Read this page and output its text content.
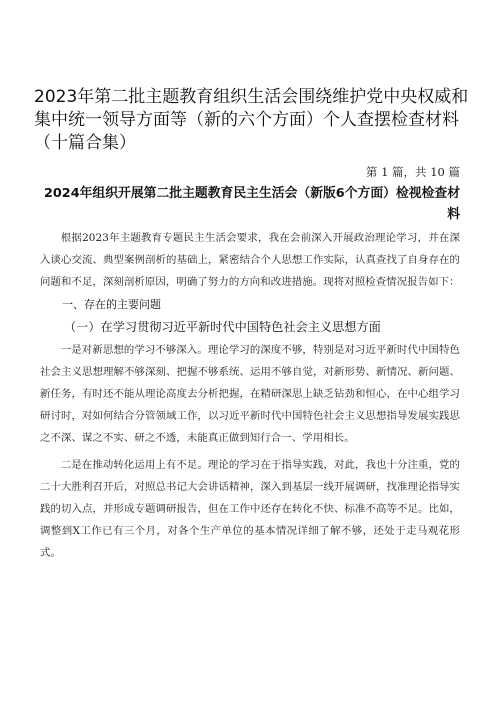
2023年第二批主题教育组织生活会围绕维护党中央权威和集中统一领导方面等（新的六个方面）个人查摆检查材料（十篇合集）
第 1 篇，共 10 篇
2024年组织开展第二批主题教育民主生活会（新版6个方面）检视检查材料

根据2023年主题教育专题民主生活会要求，我在会前深入开展政治理论学习，并在深入谈心交流、典型案例剖析的基础上，紧密结合个人思想工作实际，认真查找了自身存在的问题和不足，深刻剖析原因，明确了努力的方向和改进措施。现将对照检查情况报告如下：

一、存在的主要问题

（一）在学习贯彻习近平新时代中国特色社会主义思想方面

一是对新思想的学习不够深入。理论学习的深度不够，特别是对习近平新时代中国特色社会主义思想理解不够深刻、把握不够系统、运用不够自觉，对新形势、新情况、新问题、新任务，有时还不能从理论高度去分析把握，在精研深思上缺乏钻劲和恒心，在中心组学习研讨时，对如何结合分管领域工作，以习近平新时代中国特色社会主义思想指导发展实践思之不深、谋之不实、研之不透，未能真正做到知行合一、学用相长。

二是在推动转化运用上有不足。理论的学习在于指导实践，对此，我也十分注重，党的二十大胜利召开后，对照总书记大会讲话精神，深入到基层一线开展调研，找准理论指导实践的切入点，并形成专题调研报告，但在工作中还存在转化不快、标准不高等不足。比如，调整到X工作已有三个月，对各个生产单位的基本情况详细了解不够，还处于走马观花形式。
